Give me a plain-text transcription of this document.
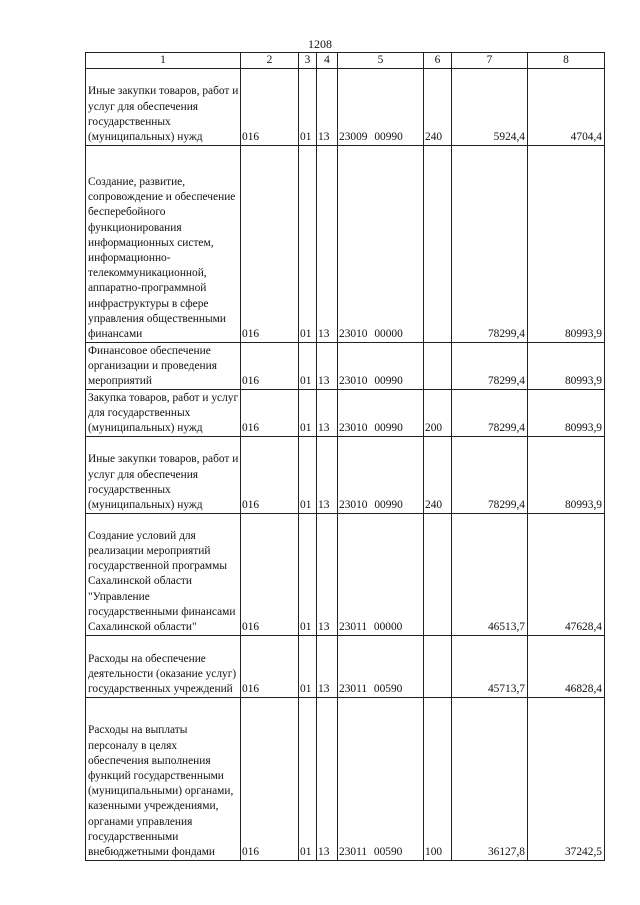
1208
1	2	3	4	5	6	7	8
Иные закупки товаров, работ и услуг для обеспечения государственных (муниципальных) нужд	016	01	13	23009 00990	240	5924,4	4704,4
Создание, развитие, сопровождение и обеспечение бесперебойного функционирования информационных систем, информационно-телекоммуникационной, аппаратно-программной инфраструктуры в сфере управления общественными финансами	016	01	13	23010 00000		78299,4	80993,9
Финансовое обеспечение организации и проведения мероприятий	016	01	13	23010 00990		78299,4	80993,9
Закупка товаров, работ и услуг для государственных (муниципальных) нужд	016	01	13	23010 00990	200	78299,4	80993,9
Иные закупки товаров, работ и услуг для обеспечения государственных (муниципальных) нужд	016	01	13	23010 00990	240	78299,4	80993,9
Создание условий для реализации мероприятий государственной программы Сахалинской области "Управление государственными финансами Сахалинской области"	016	01	13	23011 00000		46513,7	47628,4
Расходы на обеспечение деятельности (оказание услуг) государственных учреждений	016	01	13	23011 00590		45713,7	46828,4
Расходы на выплаты персоналу в целях обеспечения выполнения функций государственными (муниципальными) органами, казенными учреждениями, органами управления государственными внебюджетными фондами	016	01	13	23011 00590	100	36127,8	37242,5
